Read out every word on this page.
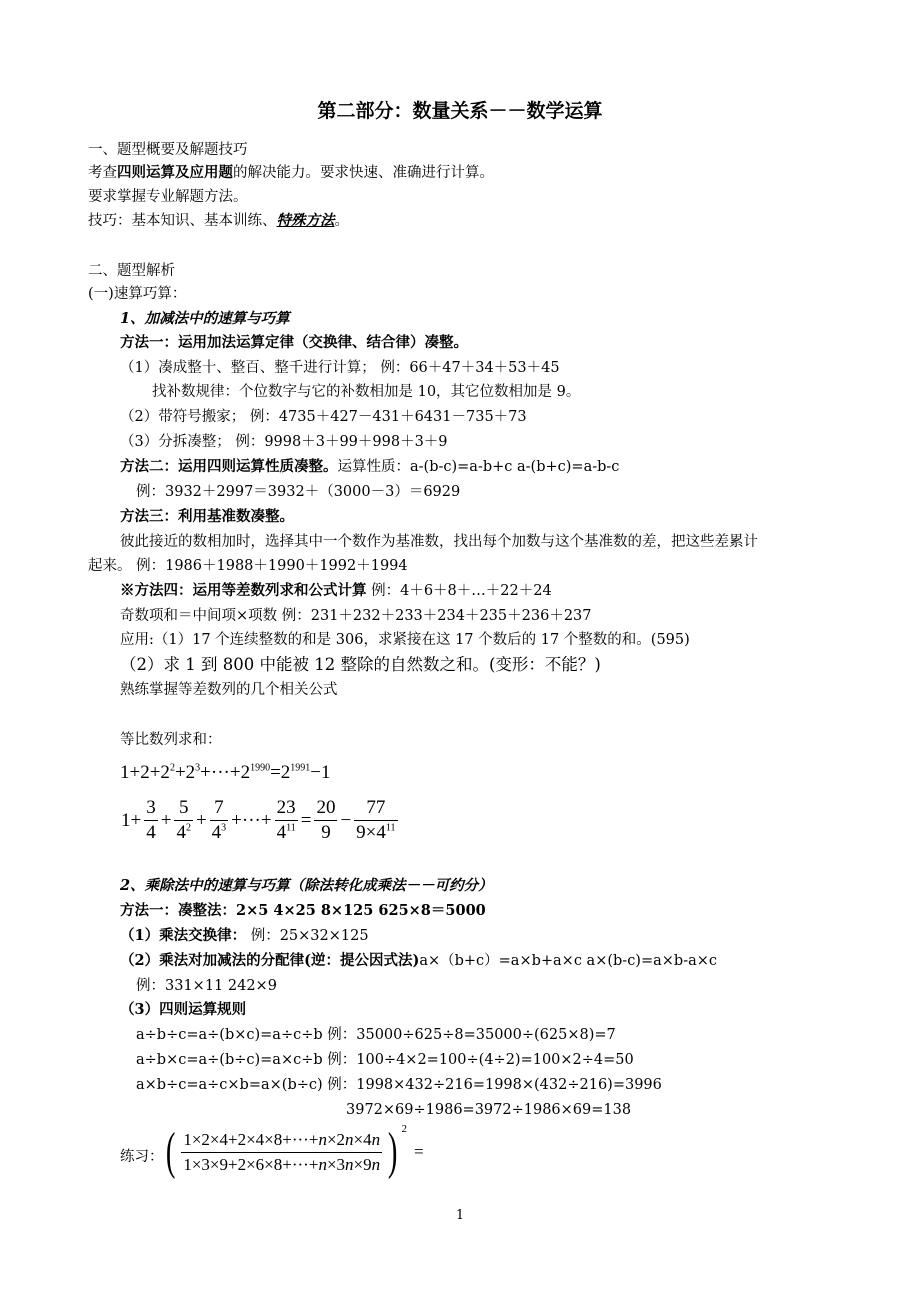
第二部分：数量关系－－数学运算
一、题型概要及解题技巧
考查四则运算及应用题的解决能力。要求快速、准确进行计算。
要求掌握专业解题方法。
技巧：基本知识、基本训练、特殊方法。
二、题型解析
(一)速算巧算：
1、加减法中的速算与巧算
方法一：运用加法运算定律（交换律、结合律）凑整。
（1）凑成整十、整百、整千进行计算； 例：66＋47＋34＋53＋45
找补数规律：个位数字与它的补数相加是 10，其它位数相加是 9。
（2）带符号搬家； 例：4735＋427－431＋6431－735＋73
（3）分拆凑整； 例：9998＋3＋99＋998＋3＋9
方法二：运用四则运算性质凑整。运算性质：a-(b-c)=a-b+c a-(b+c)=a-b-c
例：3932＋2997＝3932＋（3000－3）＝6929
方法三：利用基准数凑整。
彼此接近的数相加时，选择其中一个数作为基准数，找出每个加数与这个基准数的差，把这些差累计
起来。 例：1986＋1988＋1990＋1992＋1994
※方法四：运用等差数列求和公式计算 例：4＋6＋8＋…＋22＋24
奇数项和＝中间项×项数 例：231＋232＋233＋234＋235＋236＋237
应用:（1）17 个连续整数的和是 306，求紧接在这 17 个数后的 17 个整数的和。(595)
（2）求 1 到 800 中能被 12 整除的自然数之和。(变形：不能？)
熟练掌握等差数列的几个相关公式
等比数列求和：
$1+2+2^2+2^3+\cdot\cdot\cdot+2^{1990}=2^{1991}-1$
$1+ \frac{3}{4} + \frac{5}{4^2} + \frac{7}{4^3}$ +···+ $\frac{23}{4^{11}} = \frac{20}{9} - \frac{77}{9\times 4^{11}}$
2、乘除法中的速算与巧算（除法转化成乘法－－可约分）
方法一：凑整法：2×5 4×25 8×125 625×8＝5000
（1）乘法交换律： 例：25×32×125
（2）乘法对加减法的分配律(逆：提公因式法)a×（b+c）=a×b+a×c a×(b-c)=a×b-a×c
例：331×11 242×9
（3）四则运算规则
a÷b÷c=a÷(b×c)=a÷c÷b 例：35000÷625÷8=35000÷(625×8)=7
a÷b×c=a÷(b÷c)=a×c÷b 例：100÷4×2=100÷(4÷2)=100×2÷4=50
a×b÷c=a÷c×b=a×(b÷c) 例：1998×432÷216=1998×(432÷216)=3996
3972×69÷1986=3972÷1986×69=138
练习： ( $\frac{1\times 2\times 4+2\times 4\times 8+\cdot\cdot\cdot+n\times 2n\times 4n}{1\times 3\times 9+2\times 6\times 8+\cdot\cdot\cdot+n\times 3n\times 9n}$ ) $^2$=
1
